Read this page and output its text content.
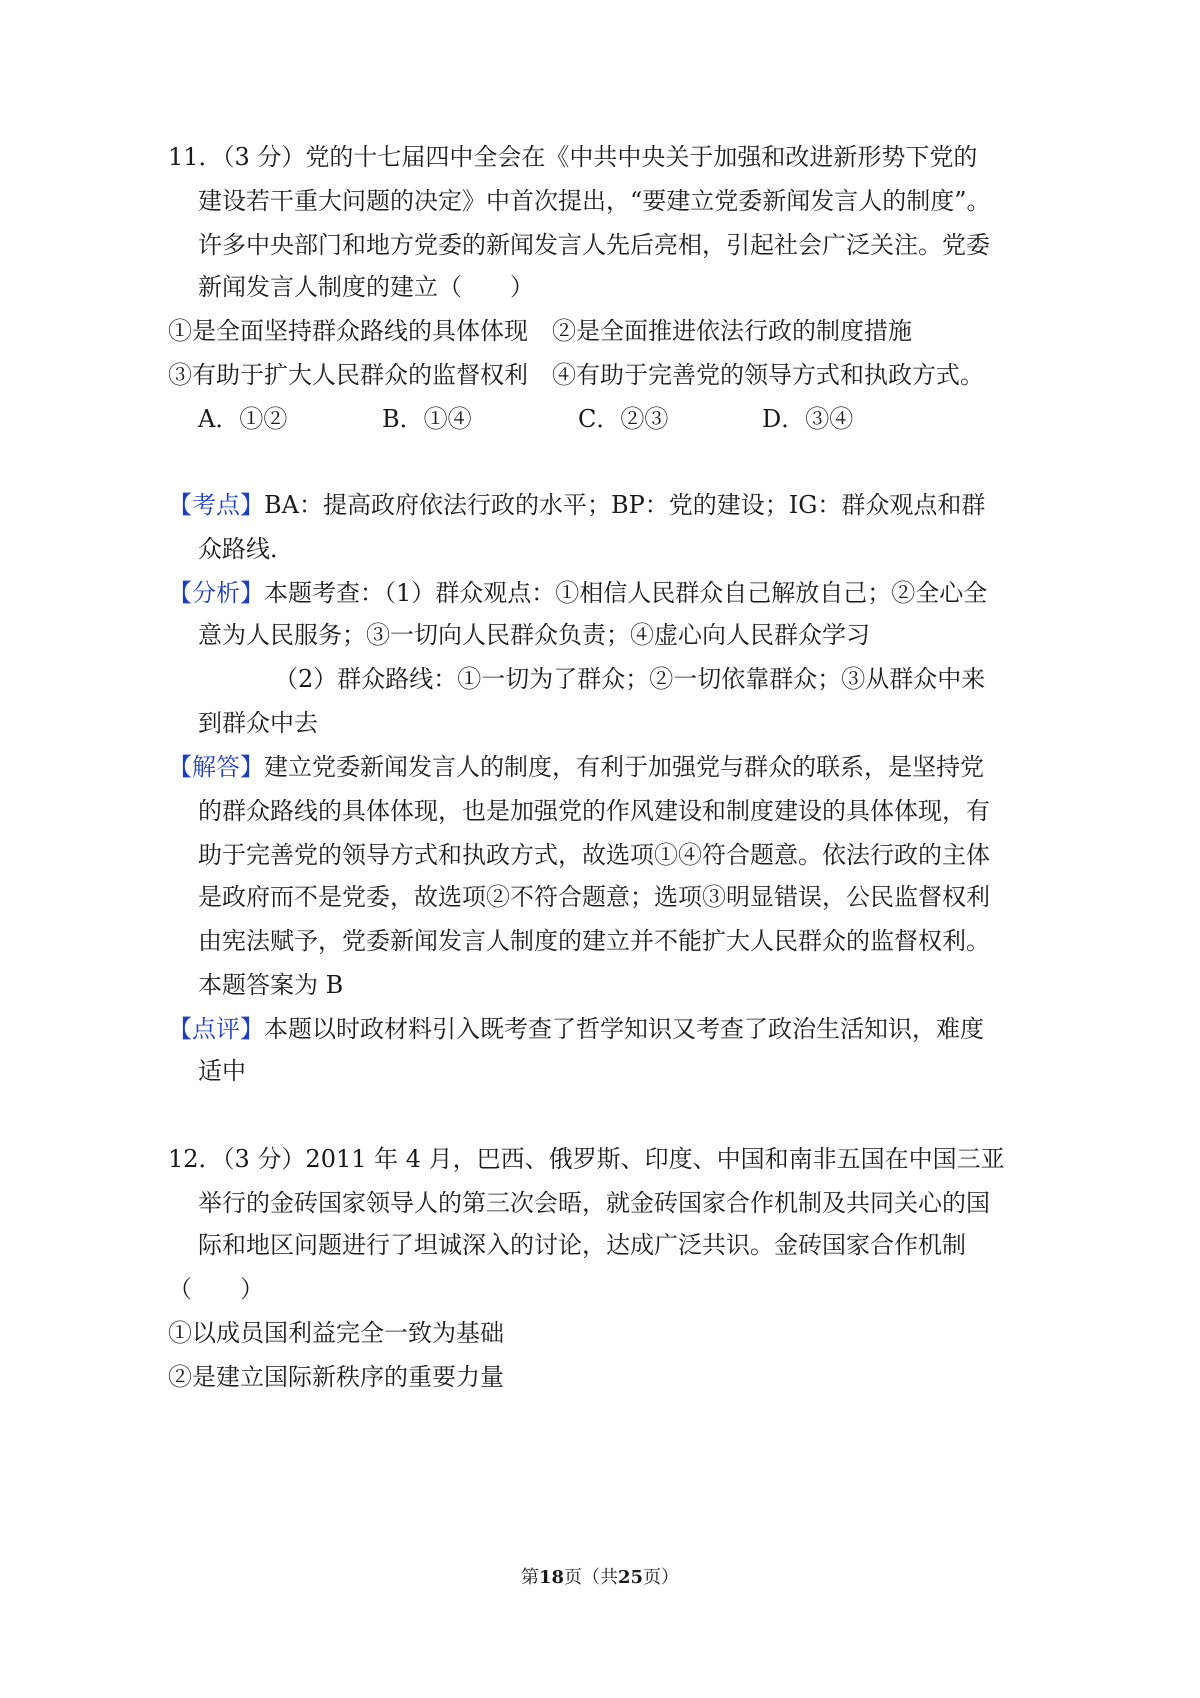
11．（3 分）党的十七届四中全会在《中共中央关于加强和改进新形势下党的
建设若干重大问题的决定》中首次提出，“要建立党委新闻发言人的制度”。
许多中央部门和地方党委的新闻发言人先后亮相，引起社会广泛关注。党委
新闻发言人制度的建立（　　）
①是全面坚持群众路线的具体体现　②是全面推进依法行政的制度措施
③有助于扩大人民群众的监督权利　④有助于完善党的领导方式和执政方式。
A．①②	B．①④	C．②③	D．③④
【考点】BA：提高政府依法行政的水平；BP：党的建设；IG：群众观点和群
众路线．
【分析】本题考查：（1）群众观点：①相信人民群众自己解放自己；②全心全
意为人民服务；③一切向人民群众负责；④虚心向人民群众学习
（2）群众路线：①一切为了群众；②一切依靠群众；③从群众中来
到群众中去
【解答】建立党委新闻发言人的制度，有利于加强党与群众的联系，是坚持党
的群众路线的具体体现，也是加强党的作风建设和制度建设的具体体现，有
助于完善党的领导方式和执政方式，故选项①④符合题意。依法行政的主体
是政府而不是党委，故选项②不符合题意；选项③明显错误，公民监督权利
由宪法赋予，党委新闻发言人制度的建立并不能扩大人民群众的监督权利。
本题答案为 B
【点评】本题以时政材料引入既考查了哲学知识又考查了政治生活知识，难度
适中
12．（3 分）2011 年 4 月，巴西、俄罗斯、印度、中国和南非五国在中国三亚
举行的金砖国家领导人的第三次会晤，就金砖国家合作机制及共同关心的国
际和地区问题进行了坦诚深入的讨论，达成广泛共识。金砖国家合作机制
（　　）
①以成员国利益完全一致为基础
②是建立国际新秩序的重要力量
第18页（共25页）
